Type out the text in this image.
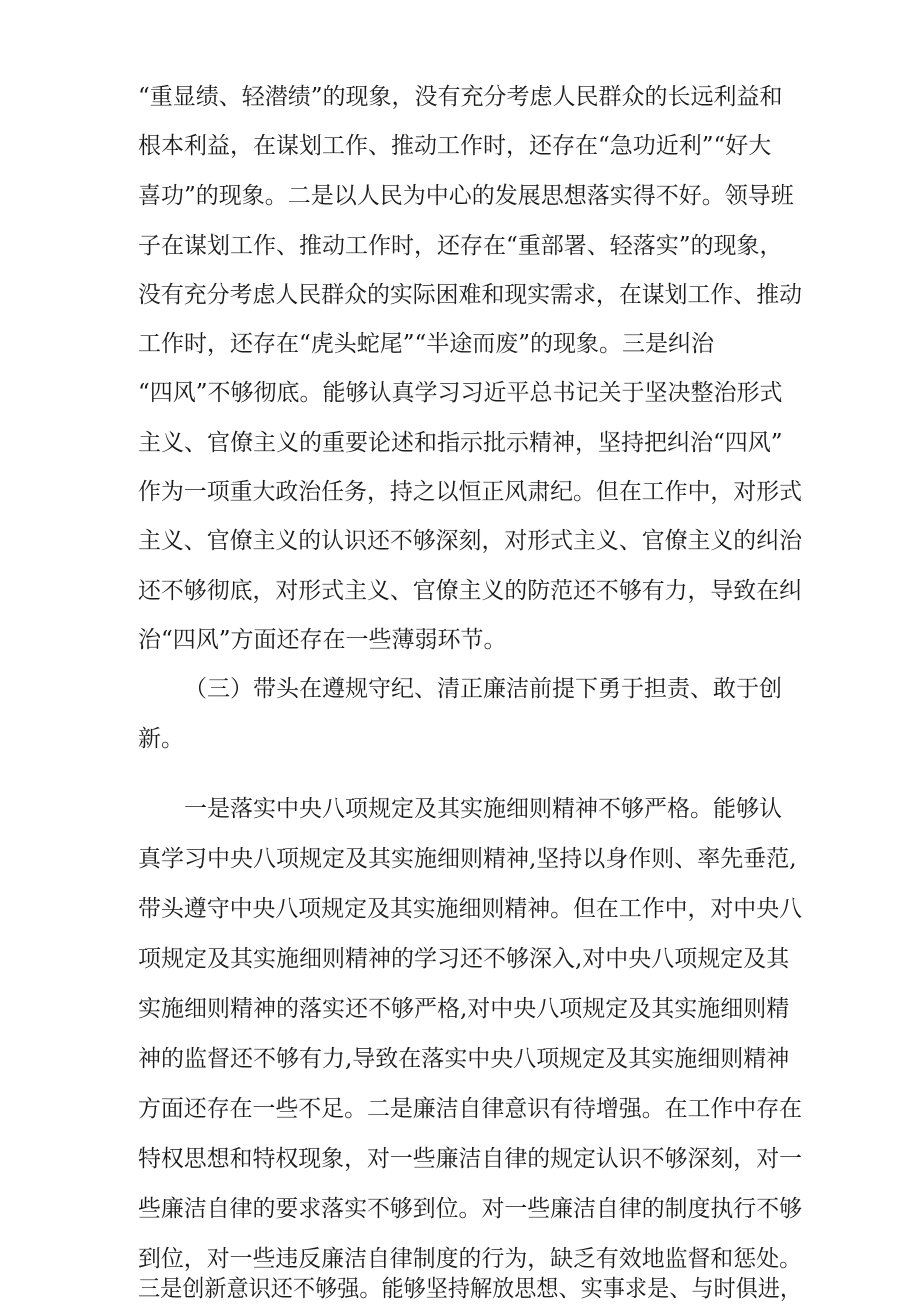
“重显绩、轻潜绩”的现象，没有充分考虑人民群众的长远利益和
根本利益，在谋划工作、推动工作时，还存在“急功近利”“好大
喜功”的现象。二是以人民为中心的发展思想落实得不好。领导班
子在谋划工作、推动工作时，还存在“重部署、轻落实”的现象，
没有充分考虑人民群众的实际困难和现实需求，在谋划工作、推动
工作时，还存在“虎头蛇尾”“半途而废”的现象。三是纠治
“四风”不够彻底。能够认真学习习近平总书记关于坚决整治形式
主义、官僚主义的重要论述和指示批示精神，坚持把纠治“四风”
作为一项重大政治任务，持之以恒正风肃纪。但在工作中，对形式
主义、官僚主义的认识还不够深刻，对形式主义、官僚主义的纠治
还不够彻底，对形式主义、官僚主义的防范还不够有力，导致在纠
治“四风”方面还存在一些薄弱环节。
（三）带头在遵规守纪、清正廉洁前提下勇于担责、敢于创
新。
一是落实中央八项规定及其实施细则精神不够严格。能够认
真学习中央八项规定及其实施细则精神,坚持以身作则、率先垂范,
带头遵守中央八项规定及其实施细则精神。但在工作中，对中央八
项规定及其实施细则精神的学习还不够深入,对中央八项规定及其
实施细则精神的落实还不够严格,对中央八项规定及其实施细则精
神的监督还不够有力,导致在落实中央八项规定及其实施细则精神
方面还存在一些不足。二是廉洁自律意识有待增强。在工作中存在
特权思想和特权现象，对一些廉洁自律的规定认识不够深刻，对一
些廉洁自律的要求落实不够到位。对一些廉洁自律的制度执行不够
到位，对一些违反廉洁自律制度的行为，缺乏有效地监督和惩处。
三是创新意识还不够强。能够坚持解放思想、实事求是、与时俱进，
